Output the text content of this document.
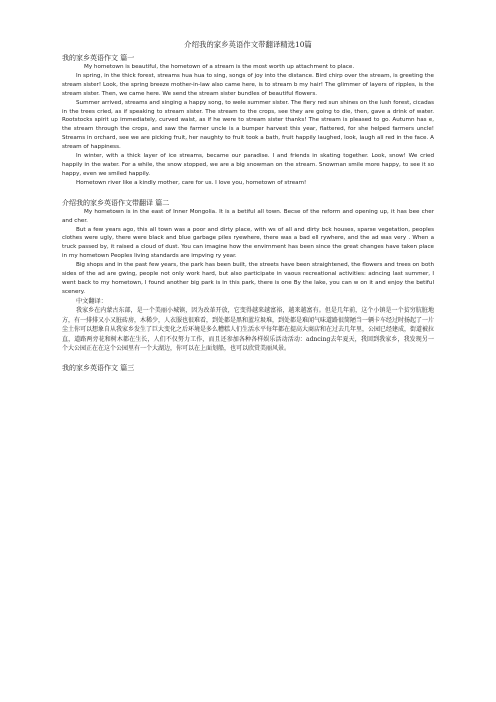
介绍我的家乡英语作文带翻译精选10篇
我的家乡英语作文 篇一

My hometown is beautiful, the hometown of a stream is the most worth up attachment to place.

In spring, in the thick forest, streams hua hua to sing, songs of joy into the distance. Bird chirp over the stream, is greeting the stream sister! Look, the spring breeze mother-in-law also came here, is to stream b my hair! The glimmer of layers of ripples, is the stream sister. Then, we came here. We send the stream sister bundles of beautiful flowers.

Summer arrived, streams and singing a happy song, to wele summer sister. The fiery red sun shines on the lush forest, cicadas in the trees cried, as if speaking to stream sister. The stream to the crops, see they are going to die, then, gave a drink of water. Rootstocks spirit up immediately, curved waist, as if he were to stream sister thanks! The stream is pleased to go. Autumn has e, the stream through the crops, and saw the farmer uncle is a bumper harvest this year, flattered, for she helped farmers uncle! Streams in orchard, see we are picking fruit, her naughty to fruit took a bath, fruit happily laughed, look, laugh all red in the face. A stream of happiness.

In winter, with a thick layer of ice streams, became our paradise. I and friends in skating together. Look, snow! We cried happily in the water. For a while, the snow stopped, we are a big snowman on the stream. Snowman smile more happy, to see it so happy, even we smiled happily.

Hometown river like a kindly mother, care for us. I love you, hometown of stream!

介绍我的家乡英语作文带翻译 篇二

My hometown is in the east of Inner Mongolia. It is a betiful all town. Becse of the reform and opening up, it has bee cher and cher.

But a few years ago, this all town was a poor and dirty place, with ws of all and dirty bck houses, sparse vegetation, peoples clothes were ugly, there were black and blue garbage piles ryewhere, there was a bad ell rywhere, and the ad was very . When a truck passed by, it raised a cloud of dust. You can imagine how the envirnment has been since the great changes have taken place in my hometown Peoples living standards are impving ry year.

Big shops and in the past few years, the park has been built, the streets have been straightened, the flowers and trees on both sides of the ad are gwing, people not only work hard, but also participate in vaous recreational activities: adncing last summer, I went back to my hometown, I found another big park is in this park, there is one By the lake, you can w on it and enjoy the betiful scenery.

中文翻译：

我家乡在内蒙古东部，是一个美丽小城镇，因为改革开放，它变得越来越富裕，越来越富有。但是几年前，这个小镇是一个贫穷肮脏地方，有一排排又小又脏砖房，木稀少，人衣服也很难看，到处都是黑和蓝垃圾堆，到处都是难闻气味道路很简陋当一辆卡车经过时扬起了一片尘土你可以想象自从我家乡发生了巨大变化之后环境是多么糟糕人们生活水平每年都在提高大商店和在过去几年里，公园已经建成，街道被拉直，道路两旁花和树木都在生长，人们不仅努力工作，而且还参加各种各样娱乐活动活动：adncing去年夏天，我回到我家乡，我发现另一个大公园正在在这个公园里有一个大湖边，你可以在上面划船，也可以欣赏美丽风景。

我的家乡英语作文 篇三
